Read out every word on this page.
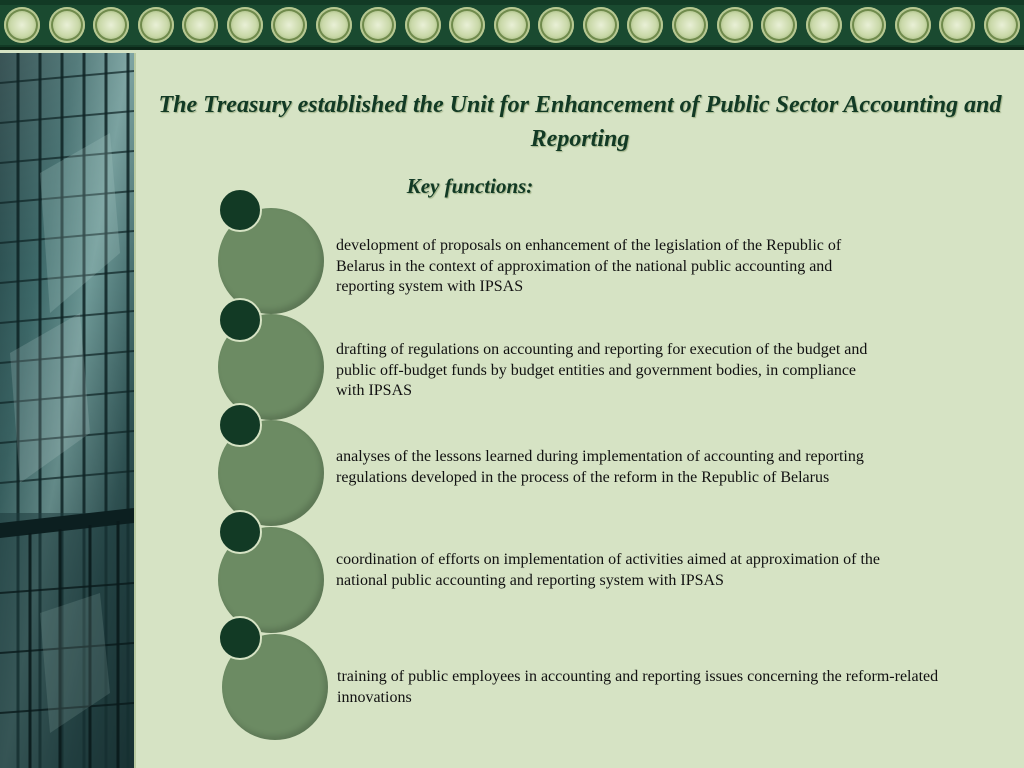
The Treasury established the Unit for Enhancement of Public Sector Accounting and Reporting
Key functions:
development of proposals on enhancement of the legislation of the Republic of Belarus in the context of approximation of the national public accounting and reporting system with IPSAS
drafting of regulations on accounting and reporting for execution of the budget and public off-budget funds by budget entities and government bodies, in compliance with IPSAS
analyses of the lessons learned during implementation of accounting and reporting regulations developed in the process of the reform in the Republic of Belarus
coordination of efforts on implementation of activities aimed at approximation of the national public accounting and reporting system with IPSAS
training of public employees in accounting and reporting issues concerning the reform-related innovations
